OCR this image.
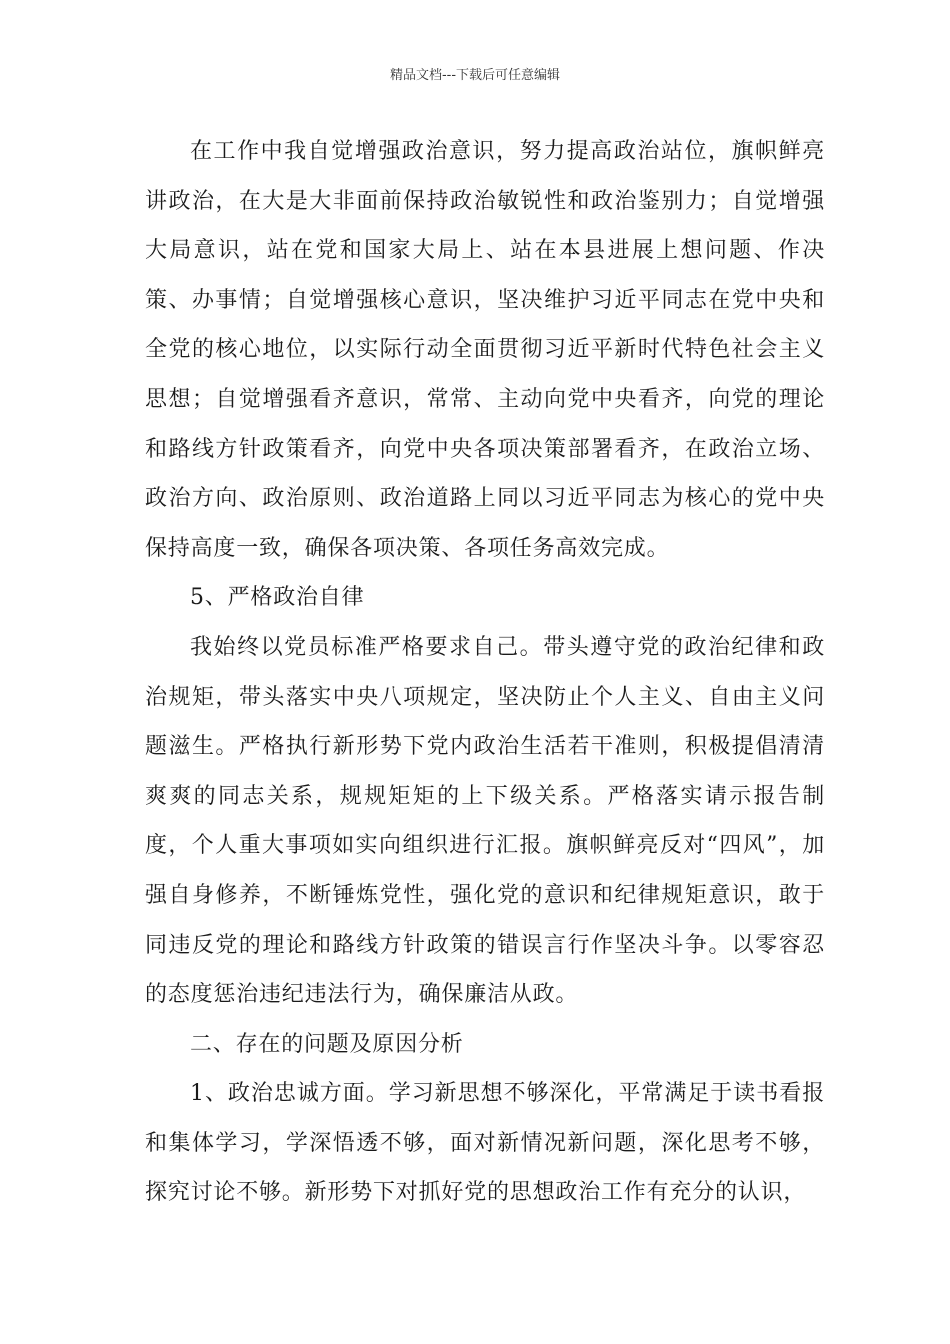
精品文档---下载后可任意编辑

在工作中我自觉增强政治意识，努力提高政治站位，旗帜鲜亮讲政治，在大是大非面前保持政治敏锐性和政治鉴别力；自觉增强大局意识，站在党和国家大局上、站在本县进展上想问题、作决策、办事情；自觉增强核心意识，坚决维护习近平同志在党中央和全党的核心地位，以实际行动全面贯彻习近平新时代特色社会主义思想；自觉增强看齐意识，常常、主动向党中央看齐，向党的理论和路线方针政策看齐，向党中央各项决策部署看齐，在政治立场、政治方向、政治原则、政治道路上同以习近平同志为核心的党中央保持高度一致，确保各项决策、各项任务高效完成。

5、严格政治自律

我始终以党员标准严格要求自己。带头遵守党的政治纪律和政治规矩，带头落实中央八项规定，坚决防止个人主义、自由主义问题滋生。严格执行新形势下党内政治生活若干准则，积极提倡清清爽爽的同志关系，规规矩矩的上下级关系。严格落实请示报告制度，个人重大事项如实向组织进行汇报。旗帜鲜亮反对“四风”，加强自身修养，不断锤炼党性，强化党的意识和纪律规矩意识，敢于同违反党的理论和路线方针政策的错误言行作坚决斗争。以零容忍的态度惩治违纪违法行为，确保廉洁从政。

二、存在的问题及原因分析

1、政治忠诚方面。学习新思想不够深化，平常满足于读书看报和集体学习，学深悟透不够，面对新情况新问题，深化思考不够，探究讨论不够。新形势下对抓好党的思想政治工作有充分的认识，
